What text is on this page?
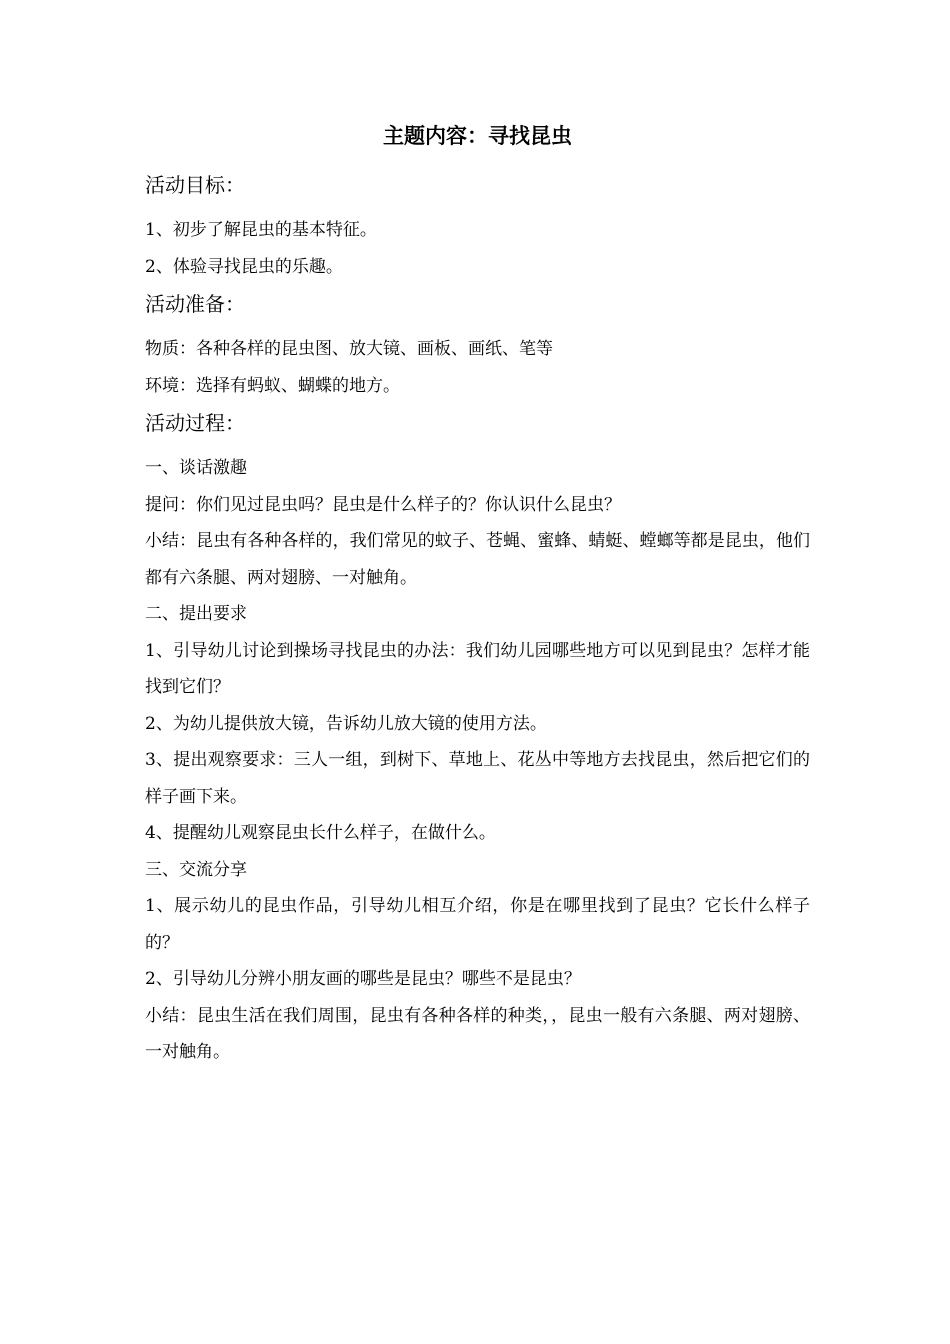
主题内容：寻找昆虫
活动目标：

1、初步了解昆虫的基本特征。

2、体验寻找昆虫的乐趣。

活动准备：

物质：各种各样的昆虫图、放大镜、画板、画纸、笔等

环境：选择有蚂蚁、蝴蝶的地方。

活动过程：

一、谈话激趣

提问：你们见过昆虫吗？昆虫是什么样子的？你认识什么昆虫？

小结：昆虫有各种各样的，我们常见的蚊子、苍蝇、蜜蜂、蜻蜓、螳螂等都是昆虫，他们都有六条腿、两对翅膀、一对触角。

二、提出要求

1、引导幼儿讨论到操场寻找昆虫的办法：我们幼儿园哪些地方可以见到昆虫？怎样才能找到它们？

2、为幼儿提供放大镜，告诉幼儿放大镜的使用方法。

3、提出观察要求：三人一组，到树下、草地上、花丛中等地方去找昆虫，然后把它们的样子画下来。

4、提醒幼儿观察昆虫长什么样子，在做什么。

三、交流分享

1、展示幼儿的昆虫作品，引导幼儿相互介绍，你是在哪里找到了昆虫？它长什么样子的？

2、引导幼儿分辨小朋友画的哪些是昆虫？哪些不是昆虫？

小结：昆虫生活在我们周围，昆虫有各种各样的种类，，昆虫一般有六条腿、两对翅膀、一对触角。
